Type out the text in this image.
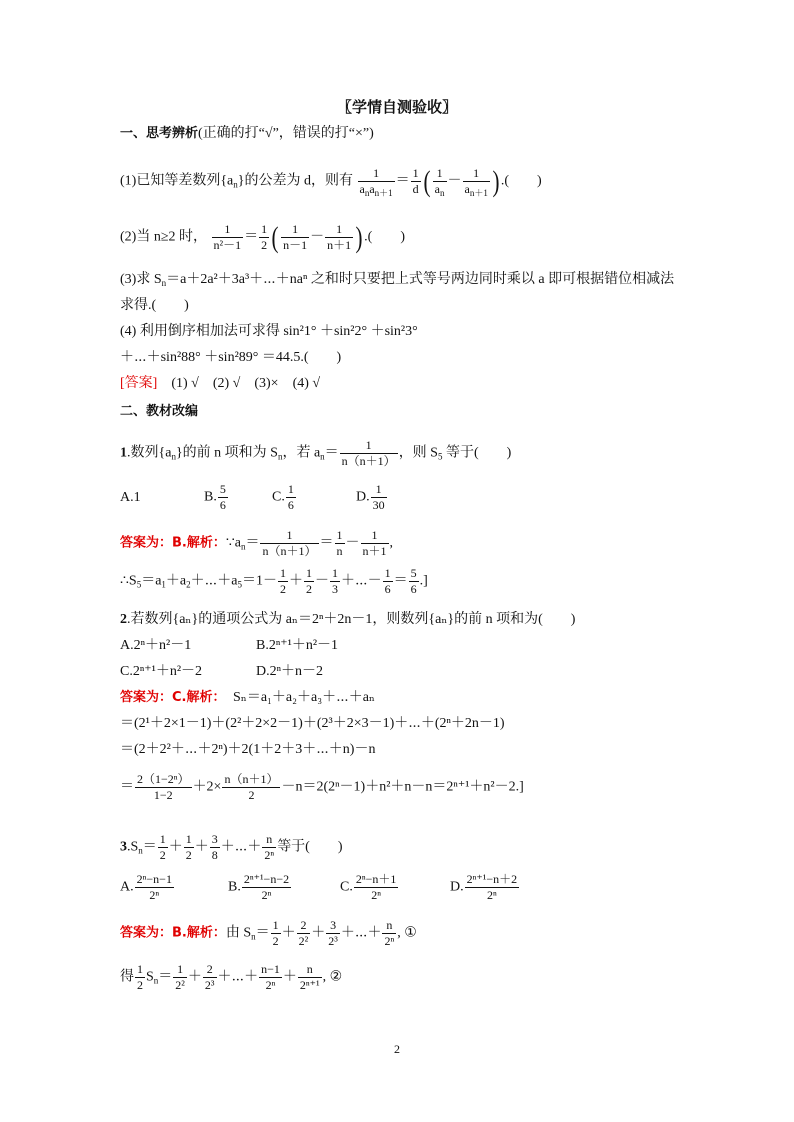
〖学情自测验收〗
一、思考辨析(正确的打“√”，错误的打“×”)
(1)已知等差数列$\{a_n\}$的公差为 d，则有 $\frac{1}{a_na_{n+1}} = \frac{1}{d}$ ( $\frac{1}{a_n} - \frac{1}{a_{n+1}}$ ) .(　　)
(2)当 n≥2 时， $\frac{1}{\text{n²－1}} = \frac{1}{2}$ ( $\frac{1}{n-1} - \frac{1}{n+1}$ ) .(　　)
(3)求 $S_n=a+2a^2+3a^3+\cdots+na^n$ 之和时只要把上式等号两边同时乘以 a 即可根据错位相减法
求得.(　　)
(4) 利用倒序相加法可求得 sin²1° ＋sin²2° ＋sin²3°
＋⋯＋sin²88° ＋sin²89° ＝44.5.(　　)
[答案]　 (1) √　(2) √　(3)×　(4) √
二、教材改编
1.数列$\{a_n\}$的前 n 项和为 $S_n$，若 $a_n= \frac{1}{n(n+1)}$ ，则 $S_5$ 等于(　　)
A.1	B. $\frac{5}{6}$	C. $\frac{1}{6}$	D. $\frac{1}{30}$
答案为：B.解析：$\because a_n= \frac{1}{n(n+1)} = \frac{1}{n} - \frac{1}{n+1}$ ,
$\therefore S_5=a_1+a_2+\cdots+a_5=1- \frac{1}{2} + \frac{1}{2} - \frac{1}{3}$ ＋⋯－ $\frac{1}{6} = \frac{5}{6}$ .]
2.若数列{aₙ}的通项公式为 aₙ＝2ⁿ＋2n－1，则数列{aₙ}的前 n 项和为(　　)
A.2ⁿ＋n²－1	B.2ⁿ⁺¹＋n²－1
C.2ⁿ⁺¹＋n²－2	D.2ⁿ＋n－2
答案为：C.解析：　 Sₙ＝a₁＋a₂＋a₃＋⋯＋aₙ
＝(2¹＋2×1－1)＋(2²＋2×2－1)＋(2³＋2×3－1)＋⋯＋(2ⁿ＋2n－1)
＝(2＋2²＋⋯＋2ⁿ)＋2(1＋2＋3＋⋯＋n)－n
＝ $\frac{\text{2（1−2ⁿ）}}{1-2} +2\times \frac{n(n+1)}{2} -n=2(2^n-1)+n^2+n-n=2^{n+1}+n^2-2$.]
$3.S_n= \frac{1}{2} + \frac{1}{2} + \frac{3}{8}$ ＋⋯＋ $\frac{n}{\text{2ⁿ}}$ 等于(　　)
A. $\frac{\text{2ⁿ−n−1}}{\text{2ⁿ}}$	B. $\frac{\text{2ⁿ⁺¹−n−2}}{\text{2ⁿ}}$	C. $\frac{\text{2ⁿ−n＋1}}{\text{2ⁿ}}$	D. $\frac{\text{2ⁿ⁺¹−n＋2}}{\text{2ⁿ}}$
答案为：B.解析：由 $S_n= \frac{1}{2} + \frac{2}{\text{2²}} + \frac{3}{\text{2³}}$ ＋⋯＋ $\frac{n}{\text{2ⁿ}}$ , ①
得 $\frac{1}{2} S_n= \frac{1}{\text{2²}} + \frac{2}{\text{2³}}$ ＋⋯＋ $\frac{n-1}{\text{2ⁿ}} + \frac{n}{\text{2ⁿ⁺¹}}$ , ②
2
